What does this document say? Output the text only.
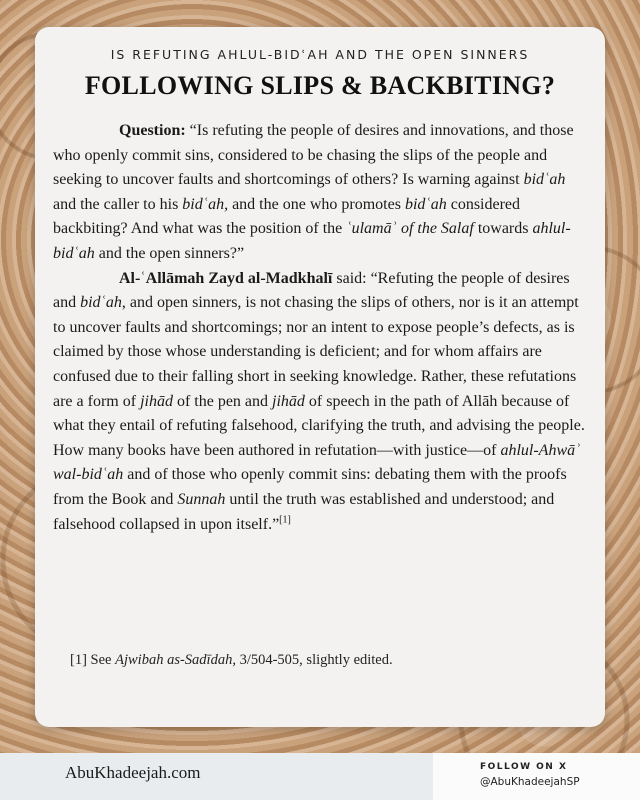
IS REFUTING AHLUL-BIDʿAH AND THE OPEN SINNERS
FOLLOWING SLIPS & BACKBITING?

Question: “Is refuting the people of desires and innovations, and those who openly commit sins, considered to be chasing the slips of the people and seeking to uncover faults and shortcomings of others? Is warning against bidʿah and the caller to his bidʿah, and the one who promotes bidʿah considered backbiting? And what was the position of the ʿulamāʾ of the Salaf towards ahlul-bidʿah and the open sinners?”

Al-ʿAllāmah Zayd al-Madkhalī said: “Refuting the people of desires and bidʿah, and open sinners, is not chasing the slips of others, nor is it an attempt to uncover faults and shortcomings; nor an intent to expose people’s defects, as is claimed by those whose understanding is deficient; and for whom affairs are confused due to their falling short in seeking knowledge. Rather, these refutations are a form of jihād of the pen and jihād of speech in the path of Allāh because of what they entail of refuting falsehood, clarifying the truth, and advising the people. How many books have been authored in refutation—with justice—of ahlul-Ahwāʾ wal-bidʿah and of those who openly commit sins: debating them with the proofs from the Book and Sunnah until the truth was established and understood; and falsehood collapsed in upon itself.”[1]

[1] See Ajwibah as-Sadīdah, 3/504-505, slightly edited.
AbuKhadeejah.com	FOLLOW ON X
@AbuKhadeejahSP
